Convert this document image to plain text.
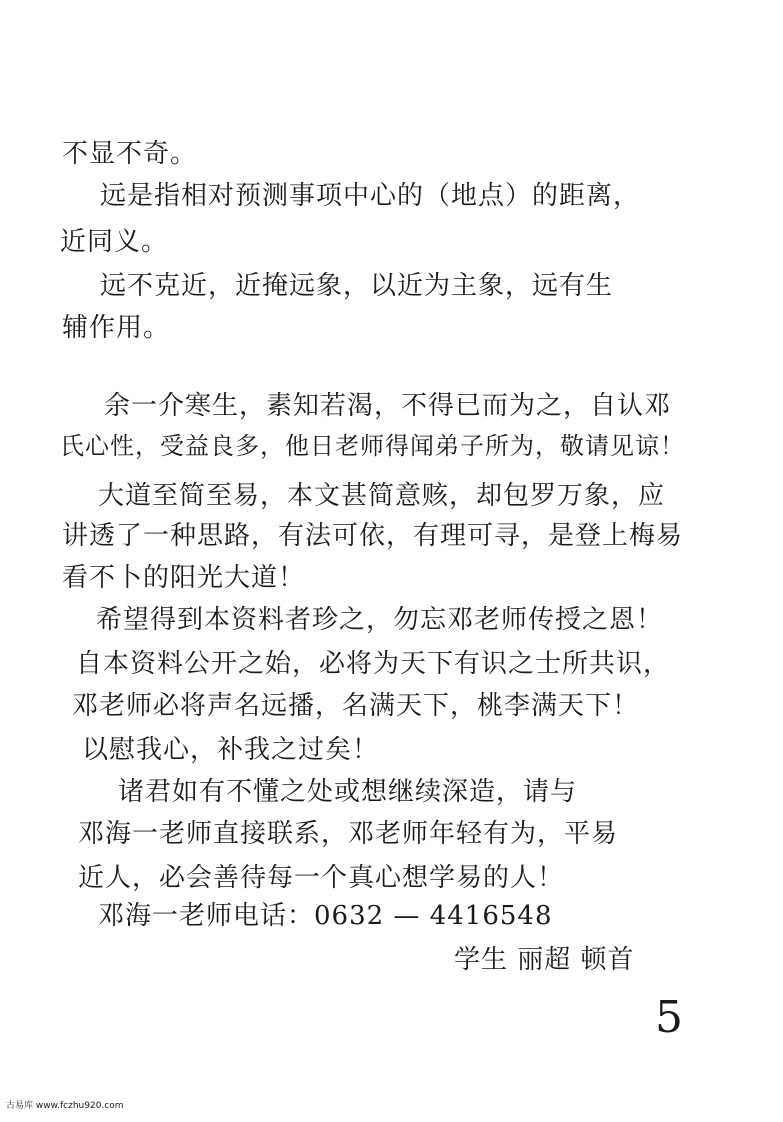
不显不奇。
远是指相对预测事项中心的（地点）的距离，
近同义。
远不克近，近掩远象，以近为主象，远有生
辅作用。
余一介寒生，素知若渴，不得已而为之，自认邓
氏心性，受益良多，他日老师得闻弟子所为，敬请见谅！
大道至简至易，本文甚简意赅，却包罗万象，应
讲透了一种思路，有法可依，有理可寻，是登上梅易
看不卜的阳光大道！
希望得到本资料者珍之，勿忘邓老师传授之恩！
自本资料公开之始，必将为天下有识之士所共识，
邓老师必将声名远播，名满天下，桃李满天下！
以慰我心，补我之过矣！
诸君如有不懂之处或想继续深造，请与
邓海一老师直接联系，邓老师年轻有为，平易
近人，必会善待每一个真心想学易的人！
邓海一老师电话：0632 — 4416548
学生 丽超 顿首
5
古易库 www.fczhu920.com
